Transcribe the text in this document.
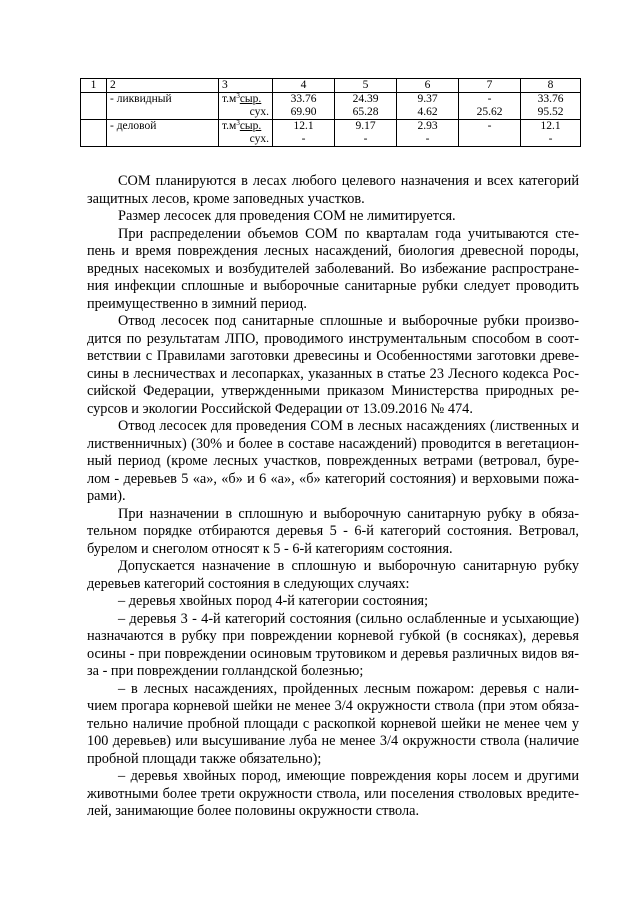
1	2	3	4	5	6	7	8
	- ликвидный	$т.м^3сыр$.	33.76	24.39	9.37	-	33.76
		сух.	69.90	65.28	4.62	25.62	95.52
	- деловой	$т.м^3сыр$.	12.1	9.17	2.93	-	12.1
		сух.	-	-	-		-

СОМ планируются в лесах любого целевого назначения и всех категорий защитных лесов, кроме заповедных участков.

Размер лесосек для проведения СОМ не лимитируется.

При распределении объемов СОМ по кварталам года учитываются сте-пень и время повреждения лесных насаждений, биология древесной породы, вредных насекомых и возбудителей заболеваний. Во избежание распростране-ния инфекции сплошные и выборочные санитарные рубки следует проводить преимущественно в зимний период.

Отвод лесосек под санитарные сплошные и выборочные рубки произво-дится по результатам ЛПО, проводимого инструментальным способом в соот-ветствии с Правилами заготовки древесины и Особенностями заготовки древе-сины в лесничествах и лесопарках, указанных в статье 23 Лесного кодекса Рос-сийской Федерации, утвержденными приказом Министерства природных ре-сурсов и экологии Российской Федерации от 13.09.2016 № 474.

Отвод лесосек для проведения СОМ в лесных насаждениях (лиственных и лиственничных) (30% и более в составе насаждений) проводится в вегетацион-ный период (кроме лесных участков, поврежденных ветрами (ветровал, бурe-лом - деревьев 5 «а», «б» и 6 «а», «б» категорий состояния) и верховыми пожа-рами).

При назначении в сплошную и выборочную санитарную рубку в обяза-тельном порядке отбираются деревья 5 - 6-й категорий состояния. Ветровал, бурелом и снеголом относят к 5 - 6-й категориям состояния.

Допускается назначение в сплошную и выборочную санитарную рубку деревьев категорий состояния в следующих случаях:

– деревья хвойных пород 4-й категории состояния;

– деревья 3 - 4-й категорий состояния (сильно ослабленные и усыхающие) назначаются в рубку при повреждении корневой губкой (в сосняках), деревья осины - при повреждении осиновым трутовиком и деревья различных видов вя-за - при повреждении голландской болезнью;

– в лесных насаждениях, пройденных лесным пожаром: деревья с нали-чием прогара корневой шейки не менее 3/4 окружности ствола (при этом обяза-тельно наличие пробной площади с раскопкой корневой шейки не менее чем у 100 деревьев) или высушивание луба не менее 3/4 окружности ствола (наличие пробной площади также обязательно);

– деревья хвойных пород, имеющие повреждения коры лосем и другими животными более трети окружности ствола, или поселения стволовых вредите-лей, занимающие более половины окружности ствола.
